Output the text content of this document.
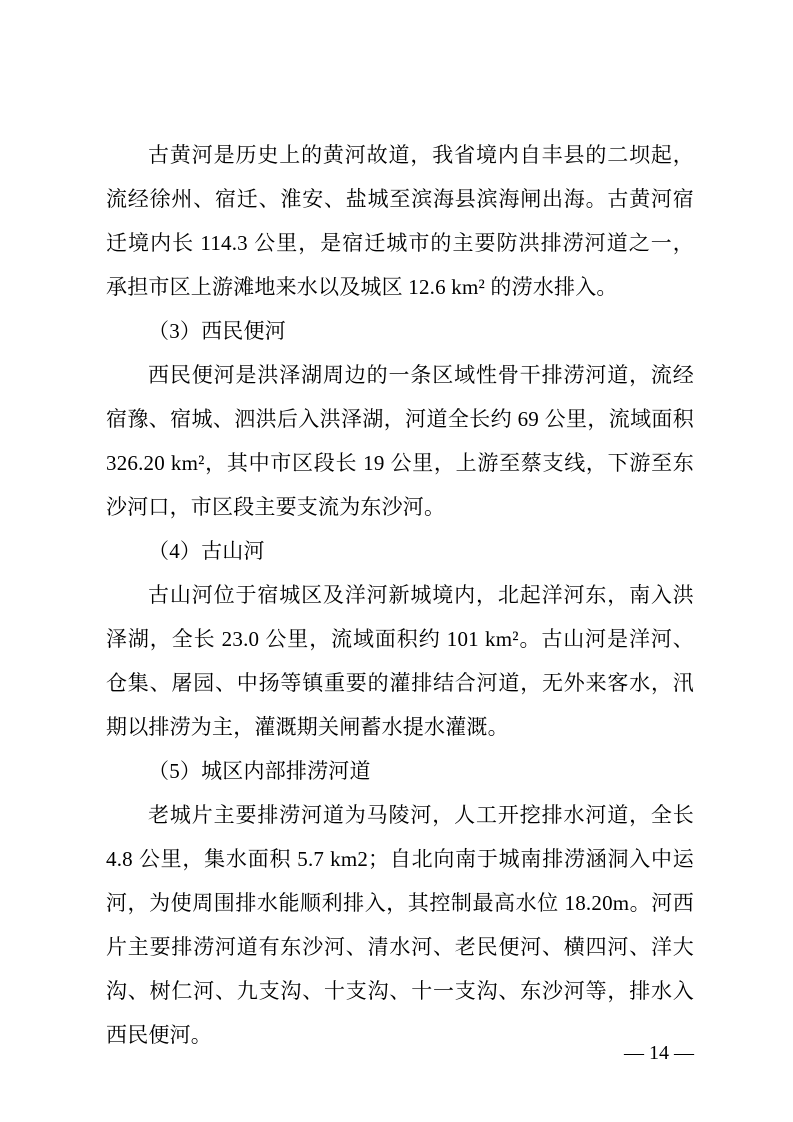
古黄河是历史上的黄河故道，我省境内自丰县的二坝起，流经徐州、宿迁、淮安、盐城至滨海县滨海闸出海。古黄河宿迁境内长 114.3 公里，是宿迁城市的主要防洪排涝河道之一，承担市区上游滩地来水以及城区 12.6 km² 的涝水排入。
（3）西民便河
西民便河是洪泽湖周边的一条区域性骨干排涝河道，流经宿豫、宿城、泗洪后入洪泽湖，河道全长约 69 公里，流域面积 326.20 km²，其中市区段长 19 公里，上游至蔡支线，下游至东沙河口，市区段主要支流为东沙河。
（4）古山河
古山河位于宿城区及洋河新城境内，北起洋河东，南入洪泽湖，全长 23.0 公里，流域面积约 101 km²。古山河是洋河、仓集、屠园、中扬等镇重要的灌排结合河道，无外来客水，汛期以排涝为主，灌溉期关闸蓄水提水灌溉。
（5）城区内部排涝河道
老城片主要排涝河道为马陵河，人工开挖排水河道，全长 4.8 公里，集水面积 5.7 km2；自北向南于城南排涝涵洞入中运河，为使周围排水能顺利排入，其控制最高水位 18.20m。河西片主要排涝河道有东沙河、清水河、老民便河、横四河、洋大沟、树仁河、九支沟、十支沟、十一支沟、东沙河等，排水入西民便河。
— 14 —
